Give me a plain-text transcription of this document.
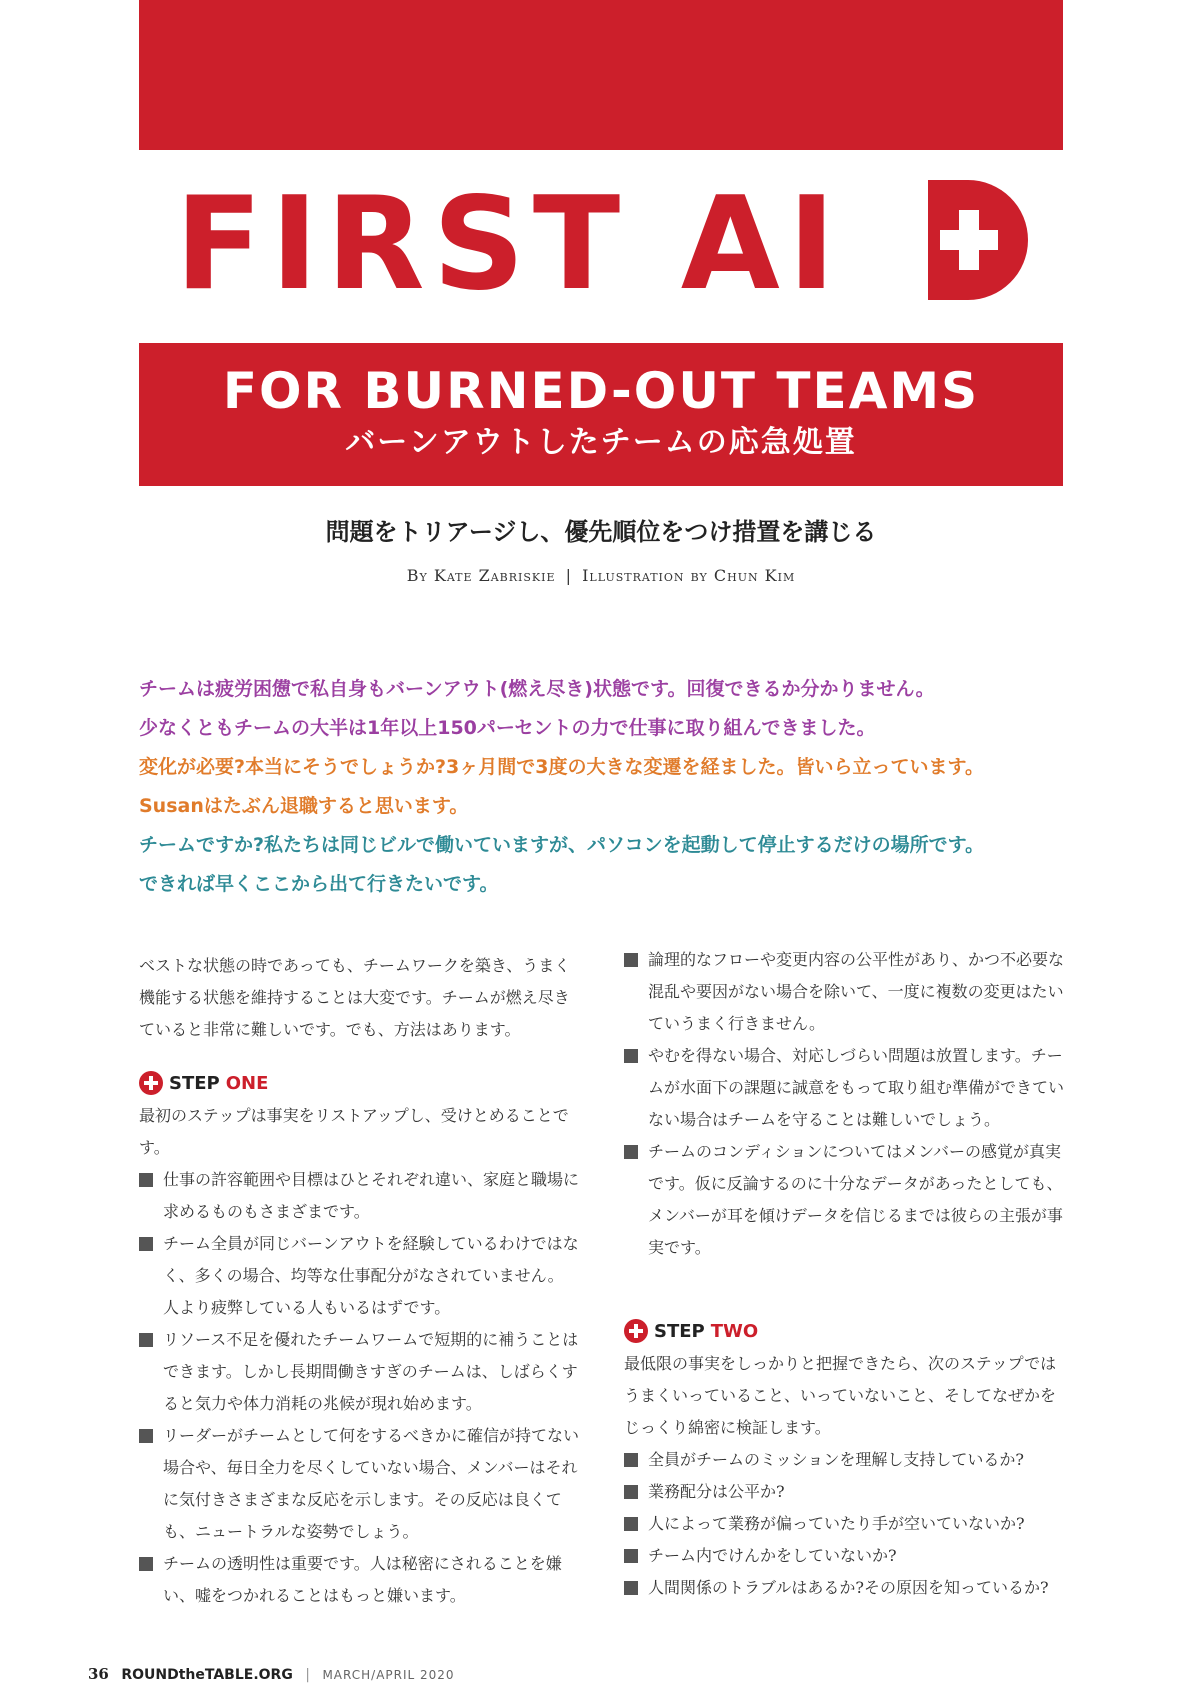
FIRST AI
FOR BURNED-OUT TEAMS
バーンアウトしたチームの応急処置
問題をトリアージし、優先順位をつけ措置を講じる
By Kate Zabriskie | Illustration by Chun Kim

チームは疲労困憊で私自身もバーンアウト(燃え尽き)状態です。回復できるか分かりません。

少なくともチームの大半は1年以上150パーセントの力で仕事に取り組んできました。

変化が必要?本当にそうでしょうか?3ヶ月間で3度の大きな変遷を経ました。皆いら立っています。

Susanはたぶん退職すると思います。

チームですか?私たちは同じビルで働いていますが、パソコンを起動して停止するだけの場所です。

できれば早くここから出て行きたいです。

ベストな状態の時であっても、チームワークを築き、うまく機能する状態を維持することは大変です。チームが燃え尽きていると非常に難しいです。でも、方法はあります。

STEP ONE

最初のステップは事実をリストアップし、受けとめることです。

仕事の許容範囲や目標はひとそれぞれ違い、家庭と職場に求めるものもさまざまです。
チーム全員が同じバーンアウトを経験しているわけではなく、多くの場合、均等な仕事配分がなされていません。人より疲弊している人もいるはずです。
リソース不足を優れたチームワームで短期的に補うことはできます。しかし長期間働きすぎのチームは、しばらくすると気力や体力消耗の兆候が現れ始めます。
リーダーがチームとして何をするべきかに確信が持てない場合や、毎日全力を尽くしていない場合、メンバーはそれに気付きさまざまな反応を示します。その反応は良くても、ニュートラルな姿勢でしょう。
チームの透明性は重要です。人は秘密にされることを嫌い、嘘をつかれることはもっと嫌います。
論理的なフローや変更内容の公平性があり、かつ不必要な混乱や要因がない場合を除いて、一度に複数の変更はたいていうまく行きません。
やむを得ない場合、対応しづらい問題は放置します。チームが水面下の課題に誠意をもって取り組む準備ができていない場合はチームを守ることは難しいでしょう。
チームのコンディションについてはメンバーの感覚が真実です。仮に反論するのに十分なデータがあったとしても、メンバーが耳を傾けデータを信じるまでは彼らの主張が事実です。
STEP TWO

最低限の事実をしっかりと把握できたら、次のステップではうまくいっていること、いっていないこと、そしてなぜかをじっくり綿密に検証します。

全員がチームのミッションを理解し支持しているか?
業務配分は公平か?
人によって業務が偏っていたり手が空いていないか?
チーム内でけんかをしていないか?
人間関係のトラブルはあるか?その原因を知っているか?
36 ROUNDtheTABLE.ORG | MARCH/APRIL 2020
